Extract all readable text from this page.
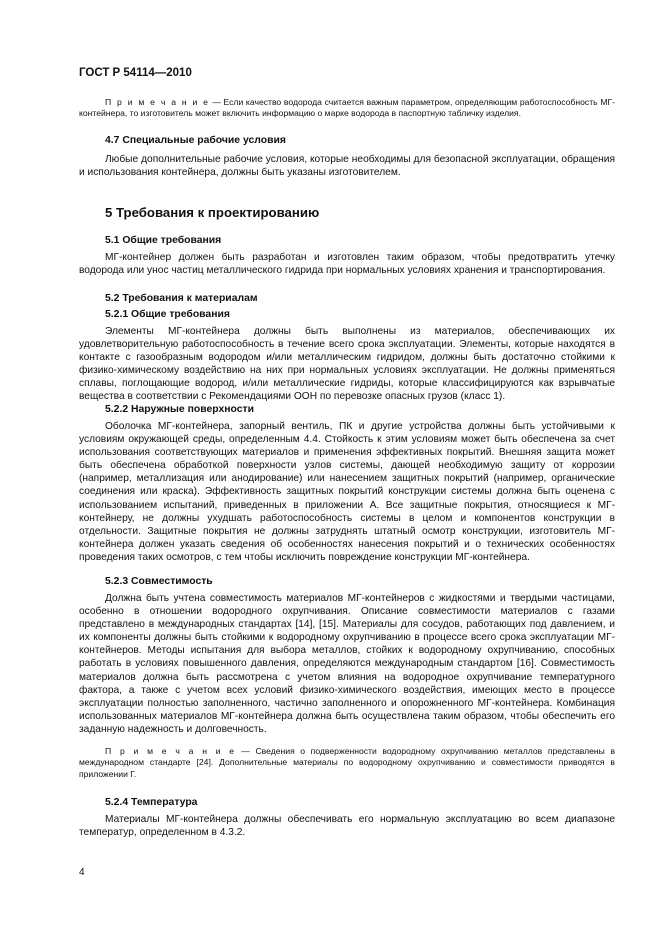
ГОСТ Р 54114—2010

П р и м е ч а н и е — Если качество водорода считается важным параметром, определяющим работоспособность МГ-контейнера, то изготовитель может включить информацию о марке водорода в паспортную табличку изделия.

4.7 Специальные рабочие условия

Любые дополнительные рабочие условия, которые необходимы для безопасной эксплуатации, обращения и использования контейнера, должны быть указаны изготовителем.

5 Требования к проектированию
5.1 Общие требования

МГ-контейнер должен быть разработан и изготовлен таким образом, чтобы предотвратить утечку водорода или унос частиц металлического гидрида при нормальных условиях хранения и транспортирования.

5.2 Требования к материалам
5.2.1 Общие требования

Элементы МГ-контейнера должны быть выполнены из материалов, обеспечивающих их удовлетворительную работоспособность в течение всего срока эксплуатации. Элементы, которые находятся в контакте с газообразным водородом и/или металлическим гидридом, должны быть достаточно стойкими к физико-химическому воздействию на них при нормальных условиях эксплуатации. Не должны применяться сплавы, поглощающие водород, и/или металлические гидриды, которые классифицируются как взрывчатые вещества в соответствии с Рекомендациями ООН по перевозке опасных грузов (класс 1).

5.2.2 Наружные поверхности

Оболочка МГ-контейнера, запорный вентиль, ПК и другие устройства должны быть устойчивыми к условиям окружающей среды, определенным 4.4. Стойкость к этим условиям может быть обеспечена за счет использования соответствующих материалов и применения эффективных покрытий. Внешняя защита может быть обеспечена обработкой поверхности узлов системы, дающей необходимую защиту от коррозии (например, металлизация или анодирование) или нанесением защитных покрытий (например, органические соединения или краска). Эффективность защитных покрытий конструкции системы должна быть оценена с использованием испытаний, приведенных в приложении А. Все защитные покрытия, относящиеся к МГ-контейнеру, не должны ухудшать работоспособность системы в целом и компонентов конструкции в отдельности. Защитные покрытия не должны затруднять штатный осмотр конструкции, изготовитель МГ-контейнера должен указать сведения об особенностях нанесения покрытий и о технических особенностях проведения таких осмотров, с тем чтобы исключить повреждение конструкции МГ-контейнера.

5.2.3 Совместимость

Должна быть учтена совместимость материалов МГ-контейнеров с жидкостями и твердыми частицами, особенно в отношении водородного охрупчивания. Описание совместимости материалов с газами представлено в международных стандартах [14], [15]. Материалы для сосудов, работающих под давлением, и их компоненты должны быть стойкими к водородному охрупчиванию в процессе всего срока эксплуатации МГ-контейнеров. Методы испытания для выбора металлов, стойких к водородному охрупчиванию, способных работать в условиях повышенного давления, определяются международным стандартом [16]. Совместимость материалов должна быть рассмотрена с учетом влияния на водородное охрупчивание температурного фактора, а также с учетом всех условий физико-химического воздействия, имеющих место в процессе эксплуатации полностью заполненного, частично заполненного и опорожненного МГ-контейнера. Комбинация использованных материалов МГ-контейнера должна быть осуществлена таким образом, чтобы обеспечить его заданную надежность и долговечность.

П р и м е ч а н и е — Сведения о подверженности водородному охрупчиванию металлов представлены в международном стандарте [24]. Дополнительные материалы по водородному охрупчиванию и совместимости приводятся в приложении Г.

5.2.4 Температура

Материалы МГ-контейнера должны обеспечивать его нормальную эксплуатацию во всем диапазоне температур, определенном в 4.3.2.

4
